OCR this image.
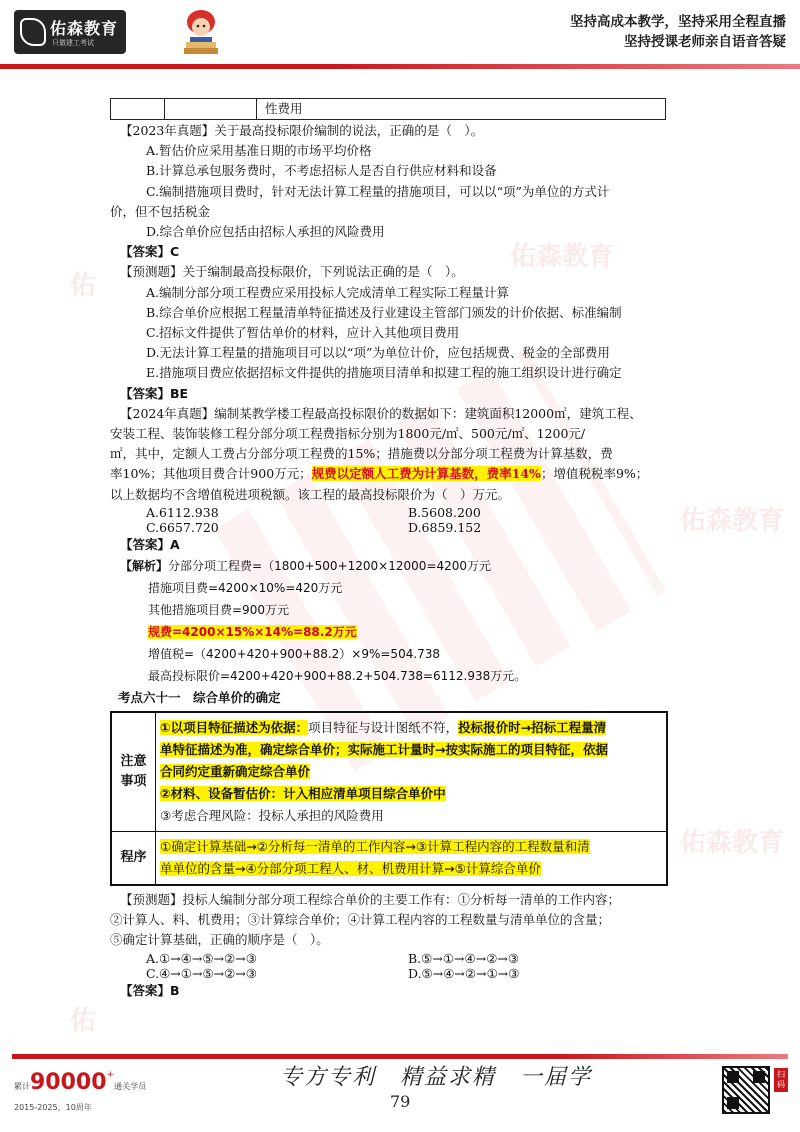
佑森教育
佑森教育
佑森教育
佑
佑
佑森教育
只做建工考试
坚持高成本教学，坚持采用全程直播
坚持授课老师亲自语音答疑
性费用

【2023年真题】关于最高投标限价编制的说法，正确的是（　）。

A.暂估价应采用基准日期的市场平均价格

B.计算总承包服务费时，不考虑招标人是否自行供应材料和设备

C.编制措施项目费时，针对无法计算工程量的措施项目，可以以“项”为单位的方式计

价，但不包括税金

D.综合单价应包括由招标人承担的风险费用

【答案】C

【预测题】关于编制最高投标限价，下列说法正确的是（　）。

A.编制分部分项工程费应采用投标人完成清单工程实际工程量计算

B.综合单价应根据工程量清单特征描述及行业建设主管部门颁发的计价依据、标准编制

C.招标文件提供了暂估单价的材料，应计入其他项目费用

D.无法计算工程量的措施项目可以以“项”为单位计价，应包括规费、税金的全部费用

E.措施项目费应依据招标文件提供的措施项目清单和拟建工程的施工组织设计进行确定

【答案】BE

【2024年真题】编制某教学楼工程最高投标限价的数据如下：建筑面积12000㎡，建筑工程、

安装工程、装饰装修工程分部分项工程费指标分别为1800元/㎡、500元/㎡、1200元/

㎡，其中，定额人工费占分部分项工程费的15%；措施费以分部分项工程费为计算基数，费

率10%；其他项目费合计900万元；规费以定额人工费为计算基数，费率14%；增值税税率9%；

以上数据均不含增值税进项税额。该工程的最高投标限价为（　）万元。

A.6112.938	B.5608.200
C.6657.720	D.6859.152

【答案】A

【解析】分部分项工程费=（1800+500+1200×12000=4200万元

措施项目费=4200×10%=420万元

其他措施项目费=900万元

规费=4200×15%×14%=88.2万元

增值税=（4200+420+900+88.2）×9%=504.738

最高投标限价=4200+420+900+88.2+504.738=6112.938万元。

考点六十一　综合单价的确定

注意事项
①以项目特征描述为依据：项目特征与设计图纸不符，投标报价时→招标工程量清
单特征描述为准，确定综合单价；实际施工计量时→按实际施工的项目特征，依据
合同约定重新确定综合单价
②材料、设备暂估价：计入相应清单项目综合单价中
③考虑合理风险：投标人承担的风险费用
程序
①确定计算基础→②分析每一清单的工作内容→③计算工程内容的工程数量和清
单单位的含量→④分部分项工程人、材、机费用计算→⑤计算综合单价

【预测题】投标人编制分部分项工程综合单价的主要工作有：①分析每一清单的工作内容；

②计算人、料、机费用；③计算综合单价；④计算工程内容的工程数量与清单单位的含量；

⑤确定计算基础，正确的顺序是（　）。

A.①→④→⑤→②→③	B.⑤→①→④→②→③
C.④→①→⑤→②→③	D.⑤→④→②→①→③

【答案】B

累计90000+通关学员
2015-2025，10周年
专方专利　精益求精　一届学
79
扫码
